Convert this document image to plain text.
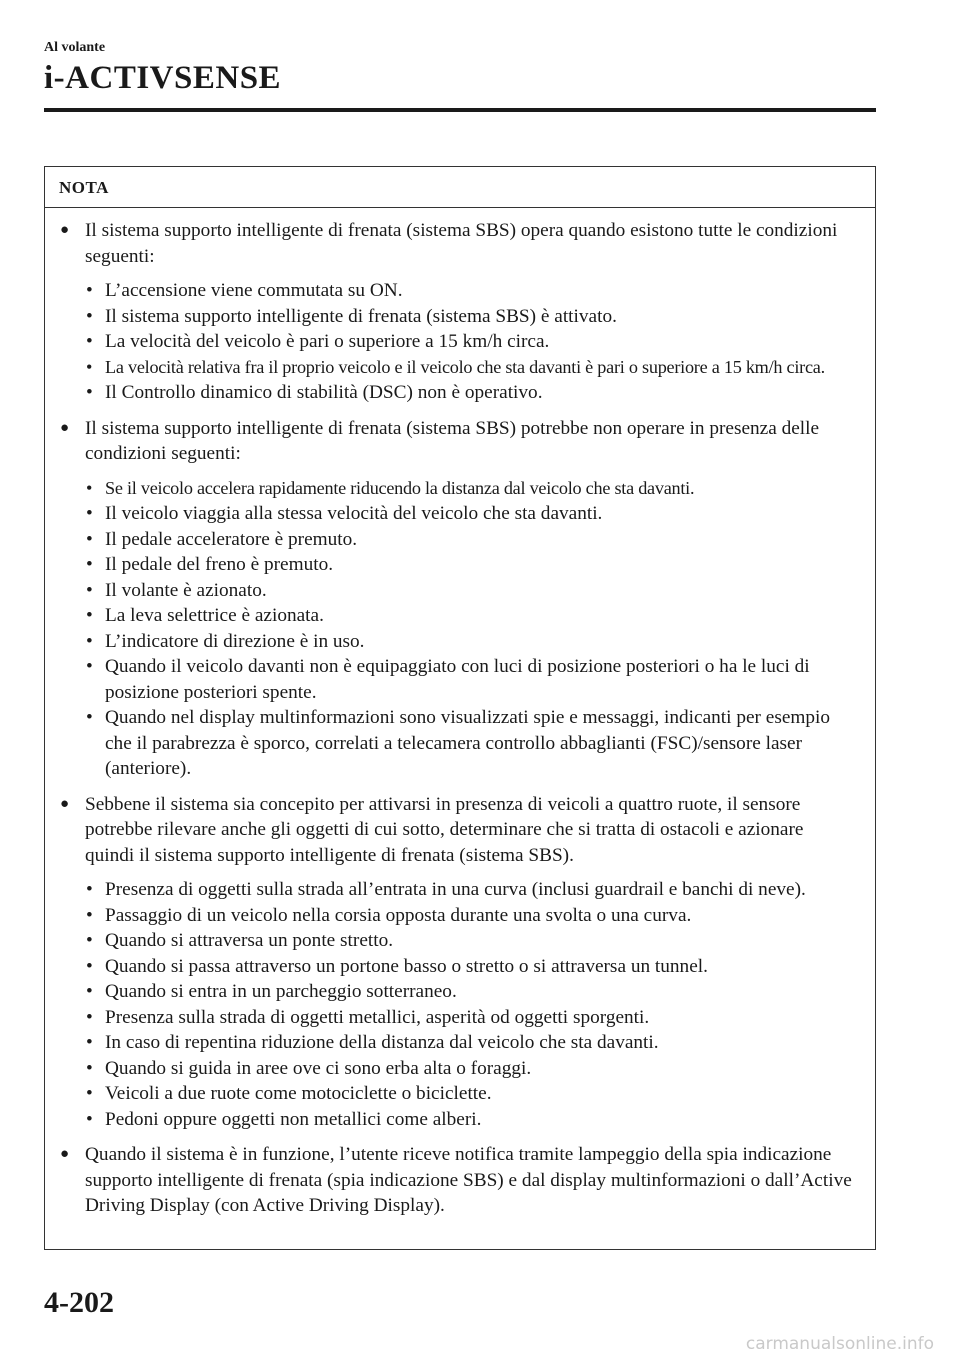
Al volante
i-ACTIVSENSE
NOTA
● Il sistema supporto intelligente di frenata (sistema SBS) opera quando esistono tutte le condizioni seguenti:
• L’accensione viene commutata su ON.
• Il sistema supporto intelligente di frenata (sistema SBS) è attivato.
• La velocità del veicolo è pari o superiore a 15 km/h circa.
• La velocità relativa fra il proprio veicolo e il veicolo che sta davanti è pari o superiore a 15 km/h circa.
• Il Controllo dinamico di stabilità (DSC) non è operativo.
● Il sistema supporto intelligente di frenata (sistema SBS) potrebbe non operare in presenza delle condizioni seguenti:
• Se il veicolo accelera rapidamente riducendo la distanza dal veicolo che sta davanti.
• Il veicolo viaggia alla stessa velocità del veicolo che sta davanti.
• Il pedale acceleratore è premuto.
• Il pedale del freno è premuto.
• Il volante è azionato.
• La leva selettrice è azionata.
• L’indicatore di direzione è in uso.
• Quando il veicolo davanti non è equipaggiato con luci di posizione posteriori o ha le luci di posizione posteriori spente.
• Quando nel display multinformazioni sono visualizzati spie e messaggi, indicanti per esempio che il parabrezza è sporco, correlati a telecamera controllo abbaglianti (FSC)/sensore laser (anteriore).
● Sebbene il sistema sia concepito per attivarsi in presenza di veicoli a quattro ruote, il sensore potrebbe rilevare anche gli oggetti di cui sotto, determinare che si tratta di ostacoli e azionare quindi il sistema supporto intelligente di frenata (sistema SBS).
• Presenza di oggetti sulla strada all’entrata in una curva (inclusi guardrail e banchi di neve).
• Passaggio di un veicolo nella corsia opposta durante una svolta o una curva.
• Quando si attraversa un ponte stretto.
• Quando si passa attraverso un portone basso o stretto o si attraversa un tunnel.
• Quando si entra in un parcheggio sotterraneo.
• Presenza sulla strada di oggetti metallici, asperità od oggetti sporgenti.
• In caso di repentina riduzione della distanza dal veicolo che sta davanti.
• Quando si guida in aree ove ci sono erba alta o foraggi.
• Veicoli a due ruote come motociclette o biciclette.
• Pedoni oppure oggetti non metallici come alberi.
● Quando il sistema è in funzione, l’utente riceve notifica tramite lampeggio della spia indicazione supporto intelligente di frenata (spia indicazione SBS) e dal display multinformazioni o dall’Active Driving Display (con Active Driving Display).
4-202
carmanualsonline.info
